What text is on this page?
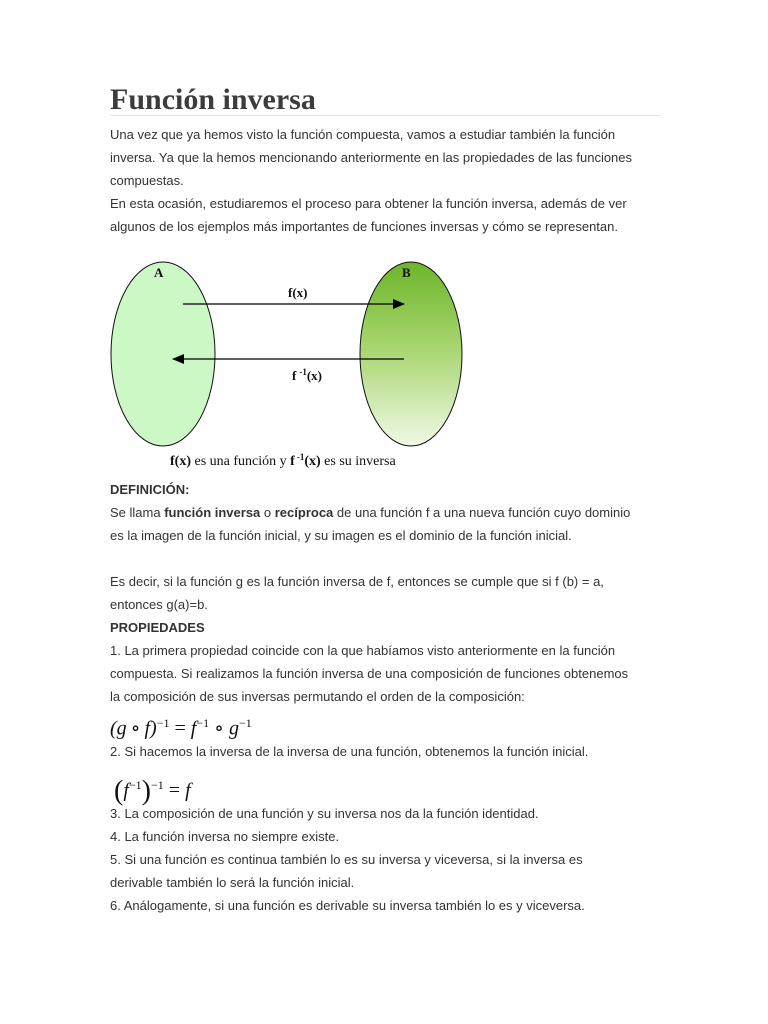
Función inversa

Una vez que ya hemos visto la función compuesta, vamos a estudiar también la función

inversa. Ya que la hemos mencionando anteriormente en las propiedades de las funciones

compuestas.

En esta ocasión, estudiaremos el proceso para obtener la función inversa, además de ver

algunos de los ejemplos más importantes de funciones inversas y cómo se representan.

A	B
f(x)
f $^{-1}$(x)
f(x) es una función y f $^{-1}$(x) es su inversa

DEFINICIÓN:

Se llama función inversa o recíproca de una función f a una nueva función cuyo dominio

es la imagen de la función inicial, y su imagen es el dominio de la función inicial.

Es decir, si la función g es la función inversa de f, entonces se cumple que si f (b) = a,

entonces g(a)=b.

PROPIEDADES

1. La primera propiedad coincide con la que habíamos visto anteriormente en la función

compuesta. Si realizamos la función inversa de una composición de funciones obtenemos

la composición de sus inversas permutando el orden de la composición:

(g ∘ $f)^{-1} = f^{-1}$ ∘ $g^{-1}$

2. Si hacemos la inversa de la inversa de una función, obtenemos la función inicial.

$(f^{-1})^{-1} = f$

3. La composición de una función y su inversa nos da la función identidad.

4. La función inversa no siempre existe.

5. Si una función es continua también lo es su inversa y viceversa, si la inversa es

derivable también lo será la función inicial.

6. Análogamente, si una función es derivable su inversa también lo es y viceversa.
